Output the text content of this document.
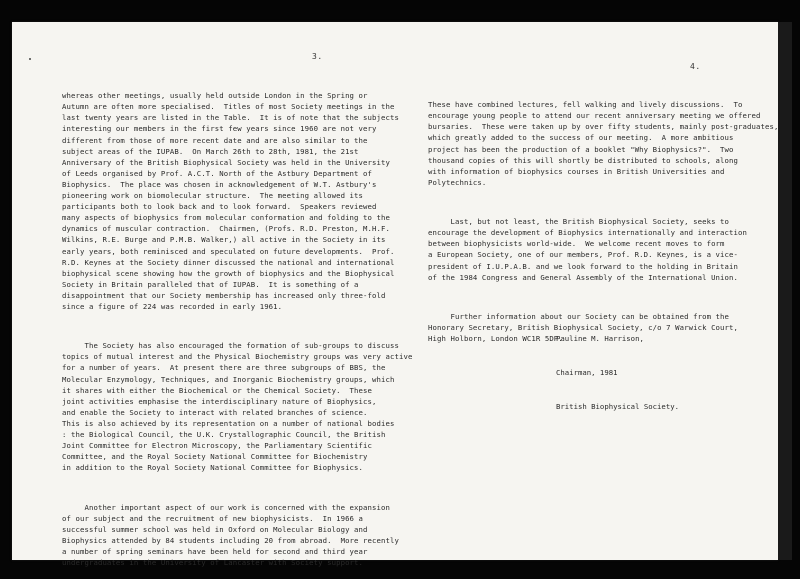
3.
4.

whereas other meetings, usually held outside London in the Spring or
Autumn are often more specialised.  Titles of most Society meetings in the
last twenty years are listed in the Table.  It is of note that the subjects
interesting our members in the first few years since 1960 are not very
different from those of more recent date and are also similar to the
subject areas of the IUPAB.  On March 26th to 28th, 1981, the 21st
Anniversary of the British Biophysical Society was held in the University
of Leeds organised by Prof. A.C.T. North of the Astbury Department of
Biophysics.  The place was chosen in acknowledgement of W.T. Astbury's
pioneering work on biomolecular structure.  The meeting allowed its
participants both to look back and to look forward.  Speakers reviewed
many aspects of biophysics from molecular conformation and folding to the
dynamics of muscular contraction.  Chairmen, (Profs. R.D. Preston, M.H.F.
Wilkins, R.E. Burge and P.M.B. Walker,) all active in the Society in its
early years, both reminisced and speculated on future developments.  Prof.
R.D. Keynes at the Society dinner discussed the national and international
biophysical scene showing how the growth of biophysics and the Biophysical
Society in Britain paralleled that of IUPAB.  It is something of a
disappointment that our Society membership has increased only three-fold
since a figure of 224 was recorded in early 1961.

The Society has also encouraged the formation of sub-groups to discuss
topics of mutual interest and the Physical Biochemistry groups was very active
for a number of years.  At present there are three subgroups of BBS, the
Molecular Enzymology, Techniques, and Inorganic Biochemistry groups, which
it shares with either the Biochemical or the Chemical Society.  These
joint activities emphasise the interdisciplinary nature of Biophysics,
and enable the Society to interact with related branches of science.
This is also achieved by its representation on a number of national bodies
: the Biological Council, the U.K. Crystallographic Council, the British
Joint Committee for Electron Microscopy, the Parliamentary Scientific
Committee, and the Royal Society National Committee for Biochemistry
in addition to the Royal Society National Committee for Biophysics.

Another important aspect of our work is concerned with the expansion
of our subject and the recruitment of new biophysicists.  In 1966 a
successful summer school was held in Oxford on Molecular Biology and
Biophysics attended by 84 students including 20 from abroad.  More recently
a number of spring seminars have been held for second and third year
undergraduates in the University of Lancaster with Society support.

These have combined lectures, fell walking and lively discussions.  To
encourage young people to attend our recent anniversary meeting we offered
bursaries.  These were taken up by over fifty students, mainly post-graduates,
which greatly added to the success of our meeting.  A more ambitious
project has been the production of a booklet "Why Biophysics?".  Two
thousand copies of this will shortly be distributed to schools, along
with information of biophysics courses in British Universities and
Polytechnics.

Last, but not least, the British Biophysical Society, seeks to
encourage the development of Biophysics internationally and interaction
between biophysicists world-wide.  We welcome recent moves to form
a European Society, one of our members, Prof. R.D. Keynes, is a vice-
president of I.U.P.A.B. and we look forward to the holding in Britain
of the 1984 Congress and General Assembly of the International Union.

Further information about our Society can be obtained from the
Honorary Secretary, British Biophysical Society, c/o 7 Warwick Court,
High Holborn, London WC1R 5DP.

Pauline M. Harrison,

Chairman, 1981

British Biophysical Society.
